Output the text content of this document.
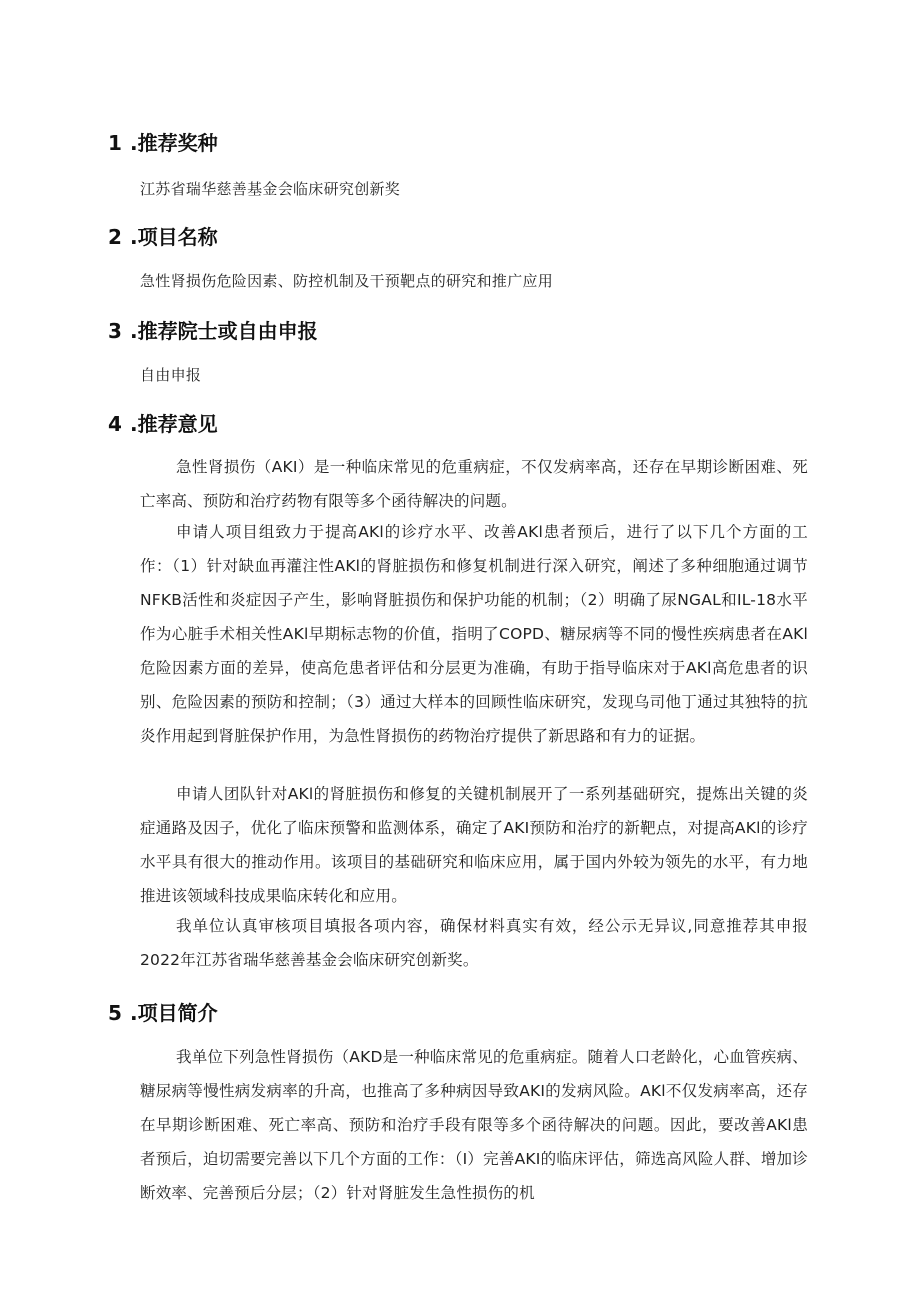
1 .推荐奖种
江苏省瑞华慈善基金会临床研究创新奖
2 .项目名称
急性肾损伤危险因素、防控机制及干预靶点的研究和推广应用
3 .推荐院士或自由申报
自由申报
4 .推荐意见

急性肾损伤（AKI）是一种临床常见的危重病症，不仅发病率高，还存在早期诊断困难、死亡率高、预防和治疗药物有限等多个函待解决的问题。

申请人项目组致力于提高AKl的诊疗水平、改善AKl患者预后，进行了以下几个方面的工作：（1）针对缺血再灌注性AKl的肾脏损伤和修复机制进行深入研究，阐述了多种细胞通过调节NFKB活性和炎症因子产生，影响肾脏损伤和保护功能的机制；（2）明确了尿NGAL和IL-18水平作为心脏手术相关性AKl早期标志物的价值，指明了COPD、糖尿病等不同的慢性疾病患者在AKl危险因素方面的差异，使高危患者评估和分层更为准确，有助于指导临床对于AKl高危患者的识别、危险因素的预防和控制；（3）通过大样本的回顾性临床研究，发现乌司他丁通过其独特的抗炎作用起到肾脏保护作用，为急性肾损伤的药物治疗提供了新思路和有力的证据。

申请人团队针对AKl的肾脏损伤和修复的关键机制展开了一系列基础研究，提炼出关键的炎症通路及因子，优化了临床预警和监测体系，确定了AKI预防和治疗的新靶点，对提高AKl的诊疗水平具有很大的推动作用。该项目的基础研究和临床应用，属于国内外较为领先的水平，有力地推进该领域科技成果临床转化和应用。

我单位认真审核项目填报各项内容，确保材料真实有效，经公示无异议,同意推荐其申报2022年江苏省瑞华慈善基金会临床研究创新奖。

5 .项目简介

我单位下列急性肾损伤（AKD是一种临床常见的危重病症。随着人口老龄化，心血管疾病、糖尿病等慢性病发病率的升高，也推高了多种病因导致AKI的发病风险。AKl不仅发病率高，还存在早期诊断困难、死亡率高、预防和治疗手段有限等多个函待解决的问题。因此，要改善AKl患者预后，迫切需要完善以下几个方面的工作：（I）完善AKI的临床评估，筛选高风险人群、增加诊断效率、完善预后分层；（2）针对肾脏发生急性损伤的机
